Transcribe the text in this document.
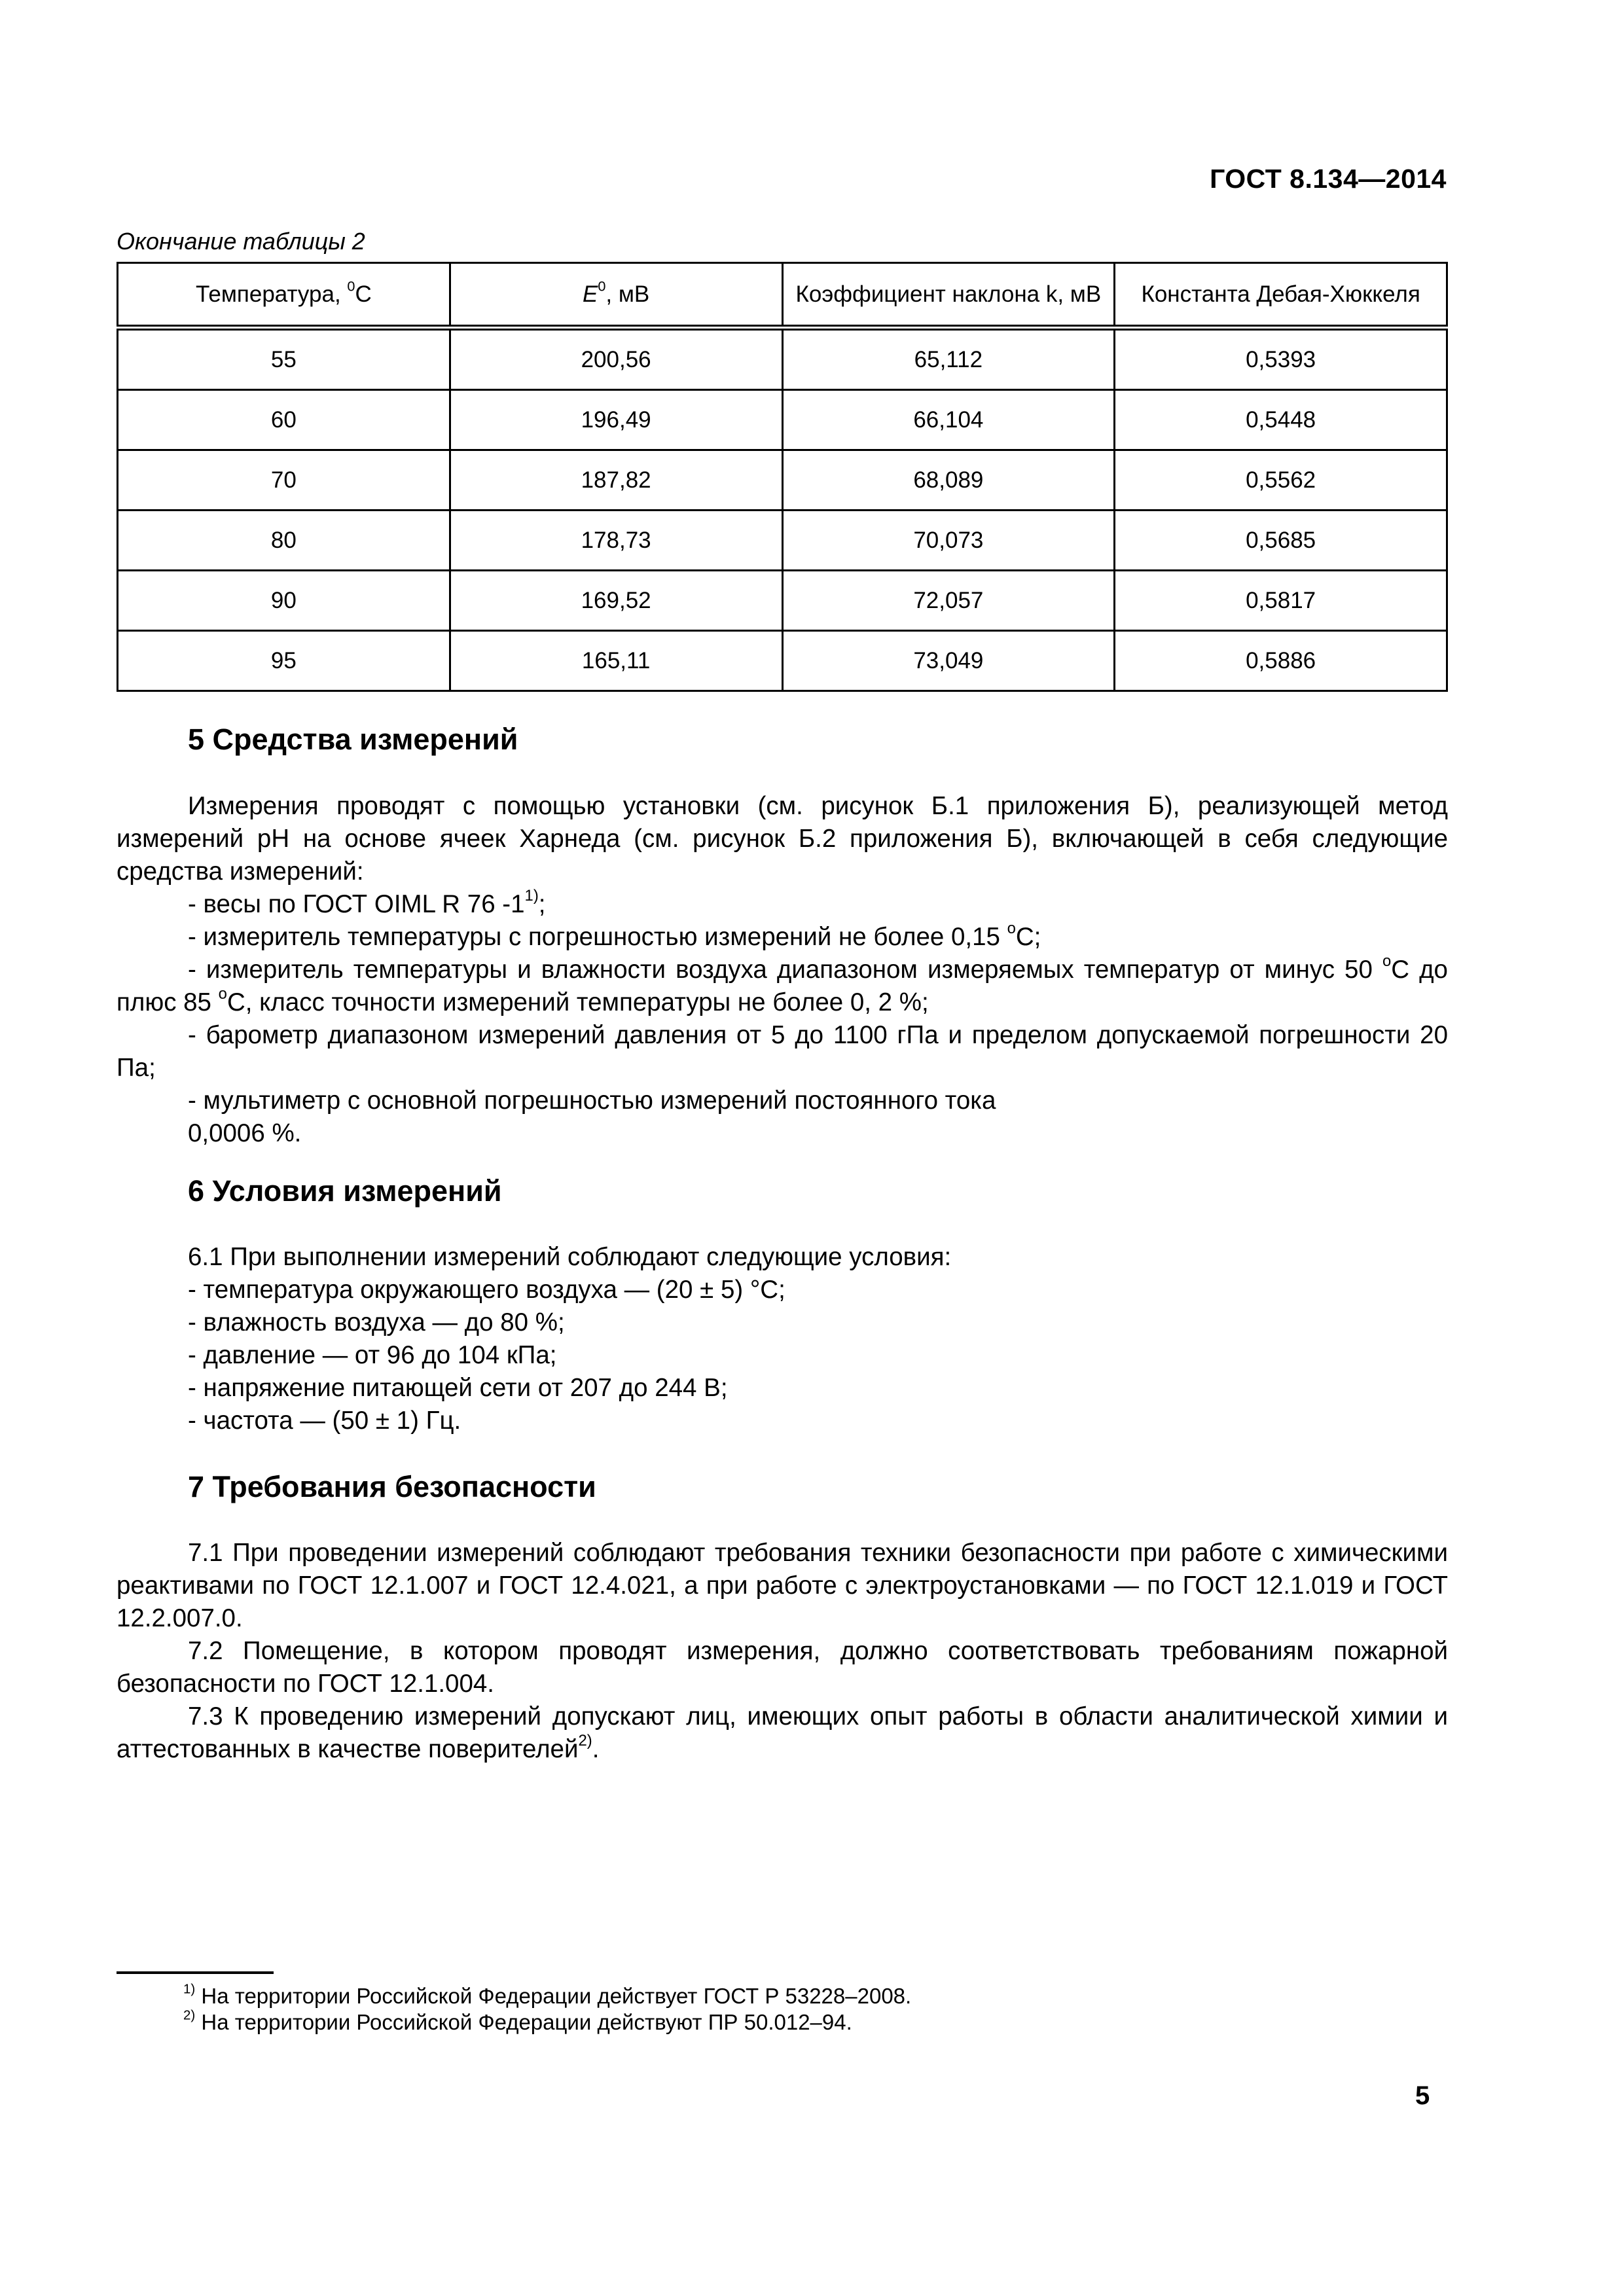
ГОСТ 8.134—2014
Окончание таблицы 2
Температура, $^0$С	$E^0$, мВ	Коэффициент наклона k, мВ	Константа Дебая-Хюккеля
55	200,56	65,112	0,5393
60	196,49	66,104	0,5448
70	187,82	68,089	0,5562
80	178,73	70,073	0,5685
90	169,52	72,057	0,5817
95	165,11	73,049	0,5886
5 Средства измерений

Измерения проводят с помощью установки (см. рисунок Б.1 приложения Б), реализующей метод измерений pH на основе ячеек Харнеда (см. рисунок Б.2 приложения Б), включающей в себя следующие средства измерений:

- весы по ГОСТ OIML R 76 -1$^{1)}$;

- измеритель температуры с погрешностью измерений не более 0,15 $^о$С;

- измеритель температуры и влажности воздуха диапазоном измеряемых температур от минус 50 $^о$С до плюс 85 $^о$С, класс точности измерений температуры не более 0, 2 %;

- барометр диапазоном измерений давления от 5 до 1100 гПа и пределом допускаемой погрешности 20 Па;

- мультиметр с основной погрешностью измерений постоянного тока

0,0006 %.

6 Условия измерений

6.1 При выполнении измерений соблюдают следующие условия:

- температура окружающего воздуха — (20 ± 5) °С;

- влажность воздуха — до 80 %;

- давление — от 96 до 104 кПа;

- напряжение питающей сети от 207 до 244 В;

- частота — (50 ± 1) Гц.

7 Требования безопасности

7.1 При проведении измерений соблюдают требования техники безопасности при работе с химическими реактивами по ГОСТ 12.1.007 и ГОСТ 12.4.021, а при работе с электроустановками — по ГОСТ 12.1.019 и ГОСТ 12.2.007.0.

7.2 Помещение, в котором проводят измерения, должно соответствовать требованиям пожарной безопасности по ГОСТ 12.1.004.

7.3 К проведению измерений допускают лиц, имеющих опыт работы в области аналитической химии и аттестованных в качестве поверителей$^{2)}$.

$^{1)}$ На территории Российской Федерации действует ГОСТ Р 53228–2008.

$^{2)}$ На территории Российской Федерации действуют ПР 50.012–94.

5
